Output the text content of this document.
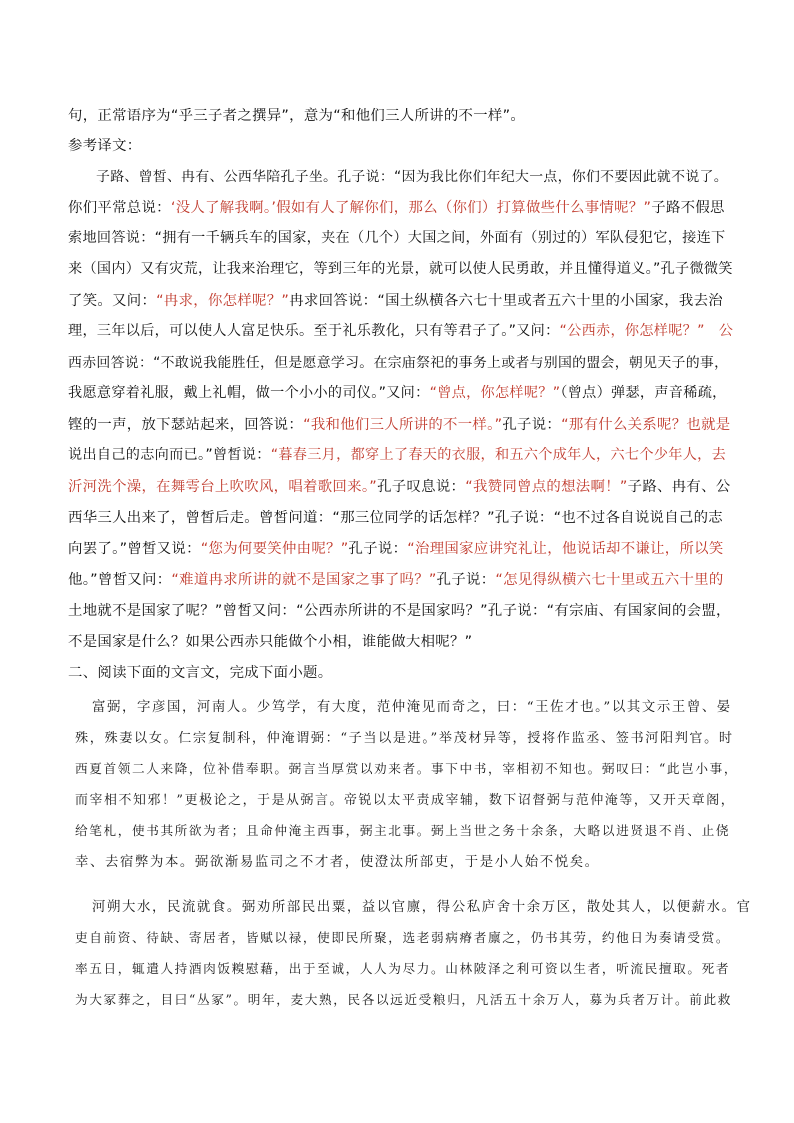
句，正常语序为“乎三子者之撰异”，意为“和他们三人所讲的不一样”。
参考译文：
子路、曾皙、冉有、公西华陪孔子坐。孔子说：“因为我比你们年纪大一点，你们不要因此就不说了。
你们平常总说：‘没人了解我啊。’假如有人了解你们，那么（你们）打算做些什么事情呢？”子路不假思
索地回答说：“拥有一千辆兵车的国家，夹在（几个）大国之间，外面有（别过的）军队侵犯它，接连下
来（国内）又有灾荒，让我来治理它，等到三年的光景，就可以使人民勇敢，并且懂得道义。”孔子微微笑
了笑。又问：“冉求，你怎样呢？”冉求回答说：“国土纵横各六七十里或者五六十里的小国家，我去治
理，三年以后，可以使人人富足快乐。至于礼乐教化，只有等君子了。”又问：“公西赤，你怎样呢？” 公
西赤回答说：“不敢说我能胜任，但是愿意学习。在宗庙祭祀的事务上或者与别国的盟会，朝见天子的事，
我愿意穿着礼服，戴上礼帽，做一个小小的司仪。”又问：“曾点，你怎样呢？”（曾点）弹瑟，声音稀疏，
铿的一声，放下瑟站起来，回答说：“我和他们三人所讲的不一样。”孔子说：“那有什么关系呢？也就是
说出自己的志向而已。”曾皙说：“暮春三月，都穿上了春天的衣服，和五六个成年人，六七个少年人，去
沂河洗个澡，在舞雩台上吹吹风，唱着歌回来。”孔子叹息说：“我赞同曾点的想法啊！”子路、冉有、公
西华三人出来了，曾皙后走。曾皙问道：“那三位同学的话怎样？”孔子说：“也不过各自说说自己的志
向罢了。”曾皙又说：“您为何要笑仲由呢？”孔子说：“治理国家应讲究礼让，他说话却不谦让，所以笑
他。”曾皙又问：“难道冉求所讲的就不是国家之事了吗？”孔子说：“怎见得纵横六七十里或五六十里的
土地就不是国家了呢？”曾皙又问：“公西赤所讲的不是国家吗？”孔子说：“有宗庙、有国家间的会盟，
不是国家是什么？如果公西赤只能做个小相，谁能做大相呢？”
二、阅读下面的文言文，完成下面小题。
富弼，字彦国，河南人。少笃学，有大度，范仲淹见而奇之，曰：“王佐才也。”以其文示王曾、晏
殊，殊妻以女。仁宗复制科，仲淹谓弼：“子当以是进。”举茂材异等，授将作监丞、签书河阳判官。时
西夏首领二人来降，位补借奉职。弼言当厚赏以劝来者。事下中书，宰相初不知也。弼叹曰：“此岂小事，
而宰相不知邪！”更极论之，于是从弼言。帝锐以太平责成宰辅，数下诏督弼与范仲淹等，又开天章阁，
给笔札，使书其所欲为者；且命仲淹主西事，弼主北事。弼上当世之务十余条，大略以进贤退不肖、止侥
幸、去宿弊为本。弼欲渐易监司之不才者，使澄汰所部吏，于是小人始不悦矣。
河朔大水，民流就食。弼劝所部民出粟，益以官廪，得公私庐舍十余万区，散处其人，以便薪水。官
吏自前资、待缺、寄居者，皆赋以禄，使即民所聚，选老弱病瘠者廪之，仍书其劳，约他日为奏请受赏。
率五日，辄遣人持酒肉饭糗慰藉，出于至诚，人人为尽力。山林陂泽之利可资以生者，听流民擅取。死者
为大冢葬之，目曰“丛冢”。明年，麦大熟，民各以远近受粮归，凡活五十余万人，募为兵者万计。前此救
